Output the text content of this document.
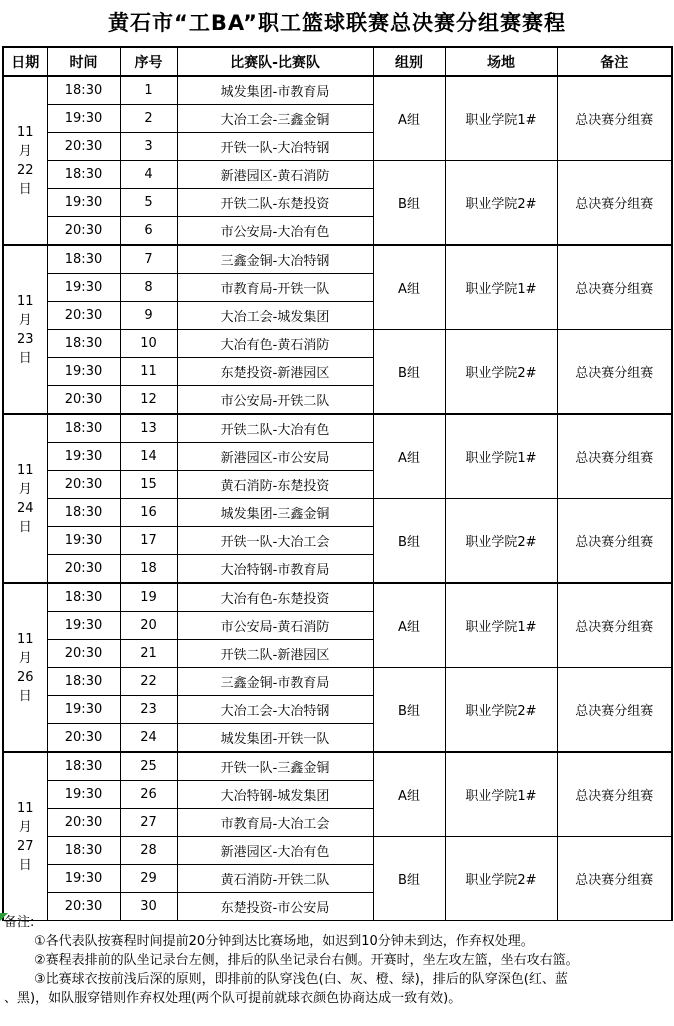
黄石市“工BA”职工篮球联赛总决赛分组赛赛程
日期	时间	序号	比赛队-比赛队	组别	场地	备注

11
月
22
日	18:30	1	城发集团-市教育局	A组	职业学院1#	总决赛分组赛
	19:30	2	大冶工会-三鑫金铜			
	20:30	3	开铁一队-大冶特钢			
	18:30	4	新港园区-黄石消防	B组	职业学院2#	总决赛分组赛
	19:30	5	开铁二队-东楚投资			
	20:30	6	市公安局-大冶有色			

11
月
23
日	18:30	7	三鑫金铜-大冶特钢	A组	职业学院1#	总决赛分组赛
	19:30	8	市教育局-开铁一队			
	20:30	9	大冶工会-城发集团			
	18:30	10	大冶有色-黄石消防	B组	职业学院2#	总决赛分组赛
	19:30	11	东楚投资-新港园区			
	20:30	12	市公安局-开铁二队			

11
月
24
日	18:30	13	开铁二队-大冶有色	A组	职业学院1#	总决赛分组赛
	19:30	14	新港园区-市公安局			
	20:30	15	黄石消防-东楚投资			
	18:30	16	城发集团-三鑫金铜	B组	职业学院2#	总决赛分组赛
	19:30	17	开铁一队-大冶工会			
	20:30	18	大冶特钢-市教育局			

11
月
26
日	18:30	19	大冶有色-东楚投资	A组	职业学院1#	总决赛分组赛
	19:30	20	市公安局-黄石消防			
	20:30	21	开铁二队-新港园区			
	18:30	22	三鑫金铜-市教育局	B组	职业学院2#	总决赛分组赛
	19:30	23	大冶工会-大冶特钢			
	20:30	24	城发集团-开铁一队			

11
月
27
日	18:30	25	开铁一队-三鑫金铜	A组	职业学院1#	总决赛分组赛
	19:30	26	大冶特钢-城发集团			
	20:30	27	市教育局-大冶工会			
	18:30	28	新港园区-大冶有色	B组	职业学院2#	总决赛分组赛
	19:30	29	黄石消防-开铁二队			
	20:30	30	东楚投资-市公安局			
备注:
①各代表队按赛程时间提前20分钟到达比赛场地，如迟到10分钟未到达，作弃权处理。
②赛程表排前的队坐记录台左侧，排后的队坐记录台右侧。开赛时，坐左攻左篮，坐右攻右篮。
③比赛球衣按前浅后深的原则，即排前的队穿浅色(白、灰、橙、绿)，排后的队穿深色(红、蓝
、黑)，如队服穿错则作弃权处理(两个队可提前就球衣颜色协商达成一致有效)。
